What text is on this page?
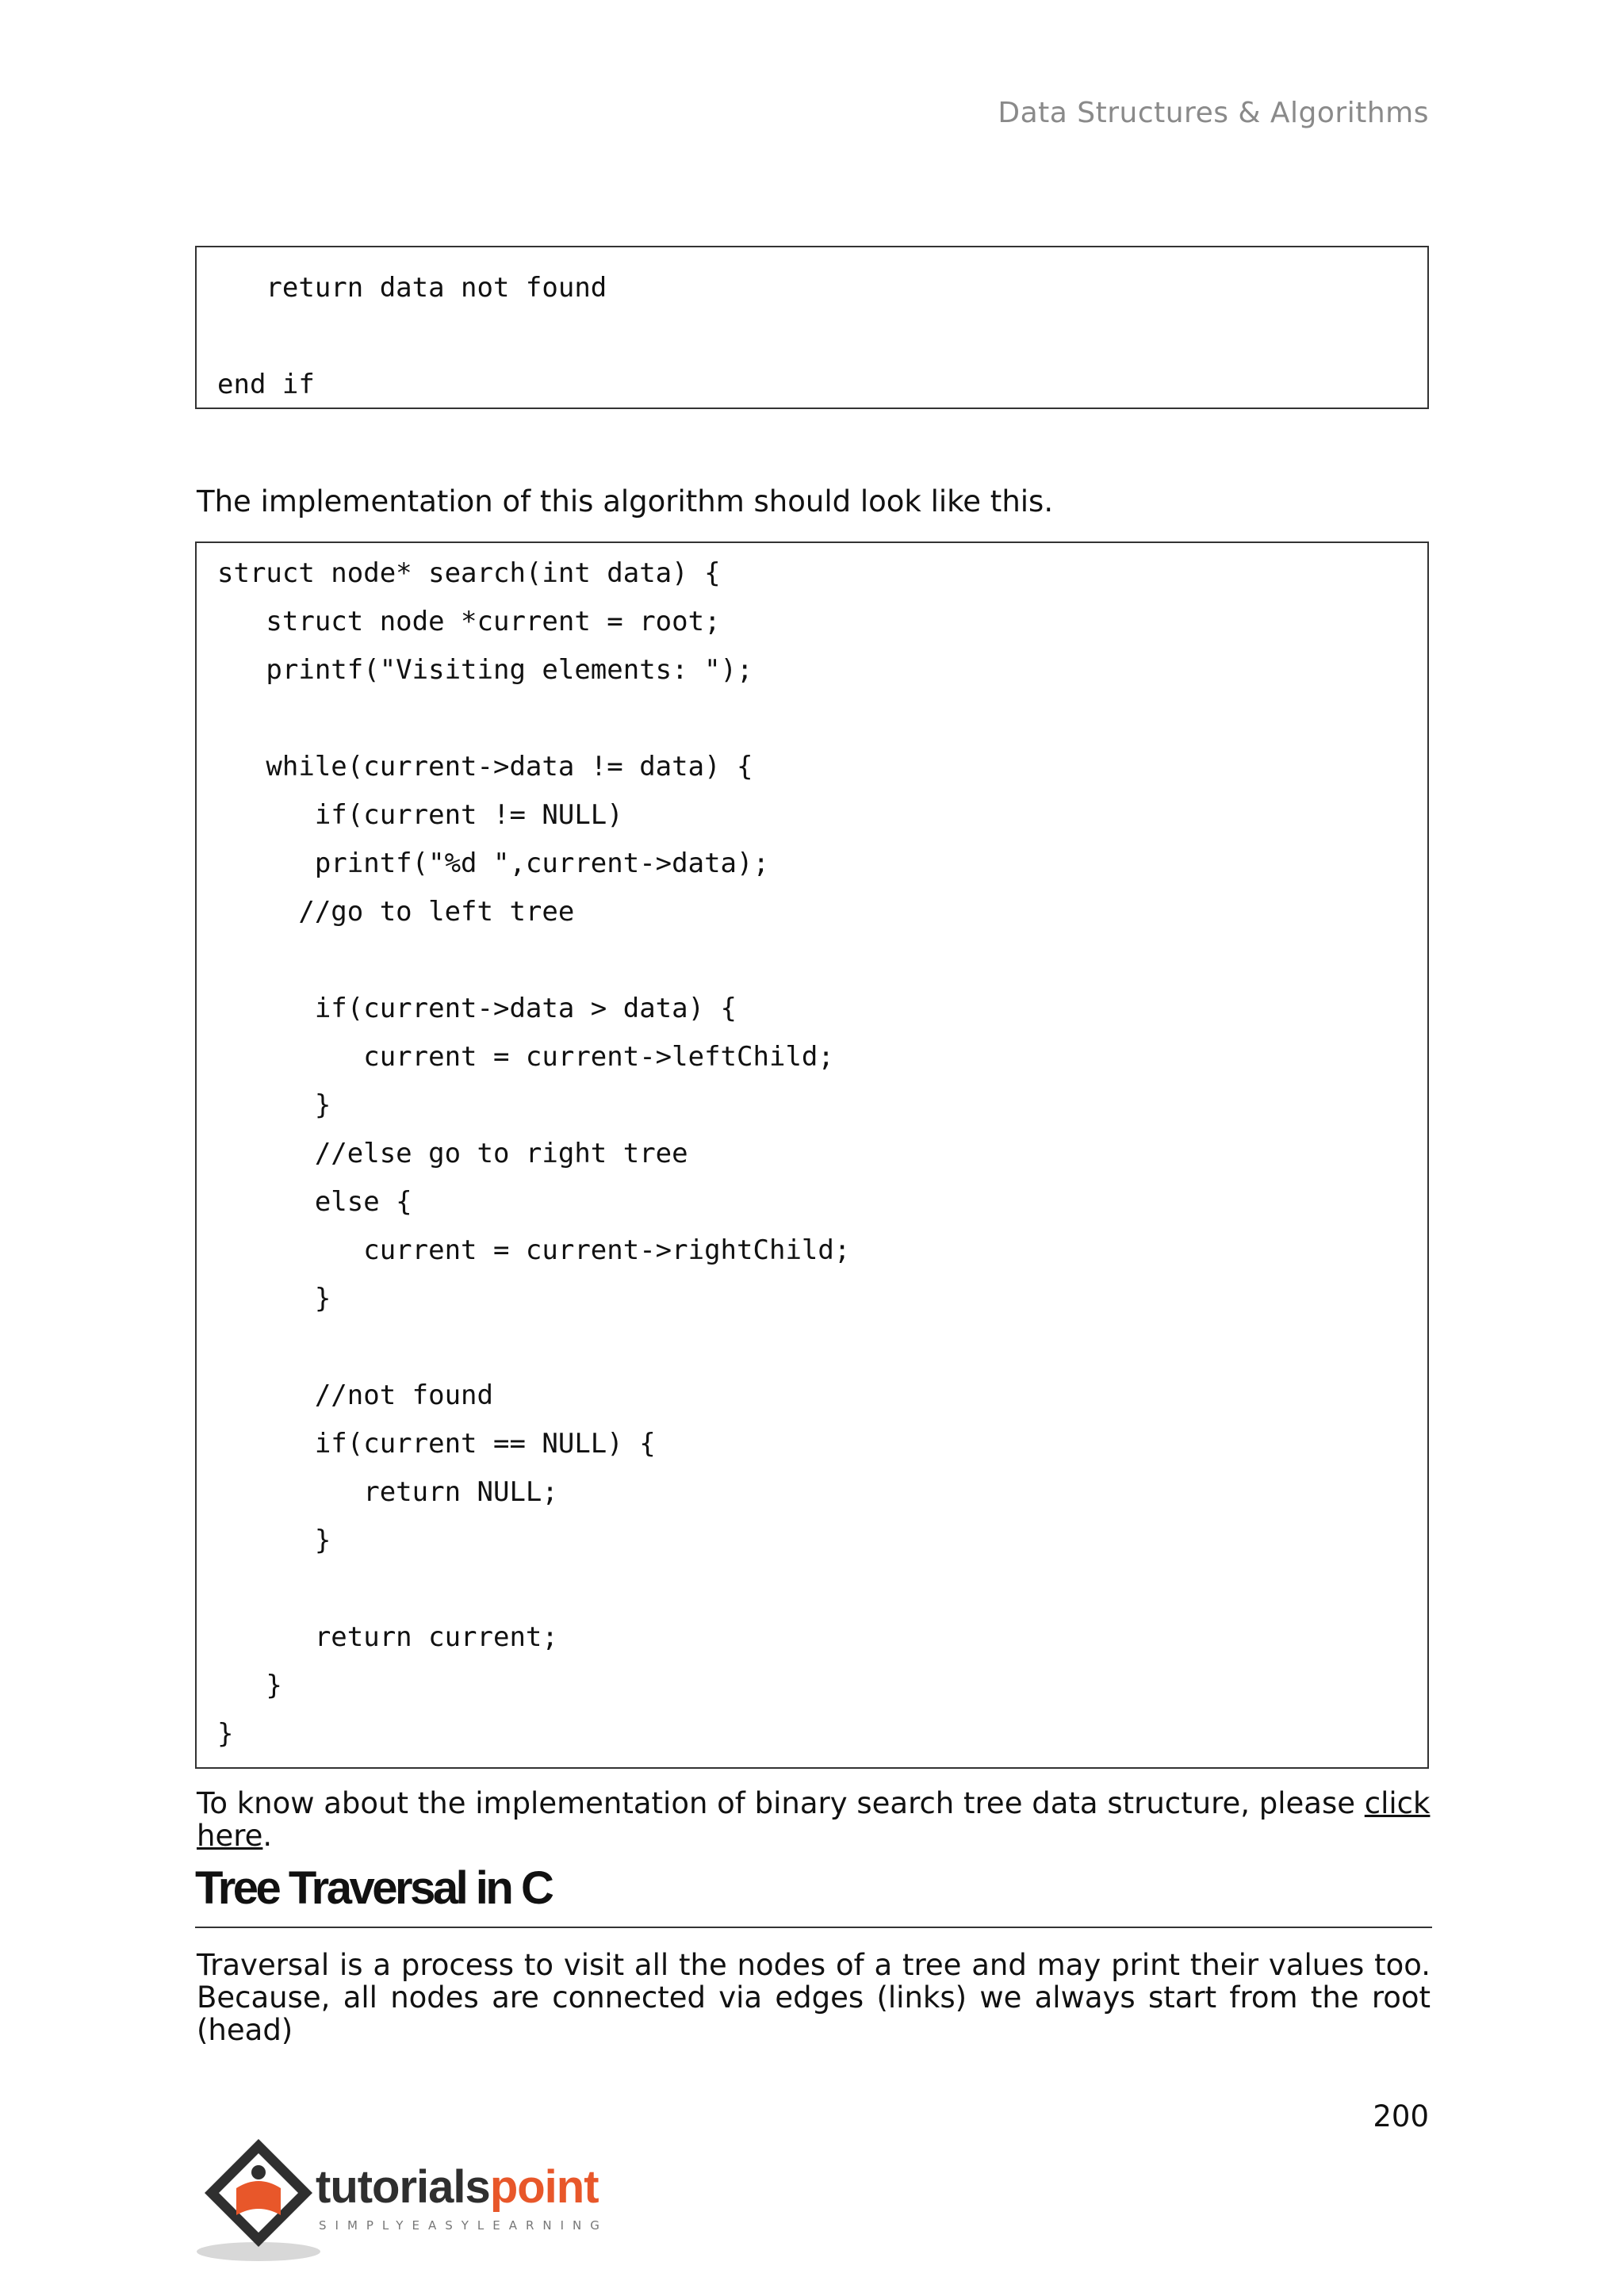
Data Structures & Algorithms
return data not found
end if
The implementation of this algorithm should look like this.
struct node* search(int data) {
struct node *current = root;
printf("Visiting elements: ");
while(current->data != data) {
if(current != NULL)
printf("%d ",current->data);
//go to left tree
if(current->data > data) {
current = current->leftChild;
}
//else go to right tree
else {
current = current->rightChild;
}
//not found
if(current == NULL) {
return NULL;
}
return current;
}
}
To know about the implementation of binary search tree data structure, please click here.
Tree Traversal in C
Traversal is a process to visit all the nodes of a tree and may print their values too.
Because, all nodes are connected via edges (links) we always start from the root (head)
200
tutorialspoint
SIMPLYEASYLEARNING
